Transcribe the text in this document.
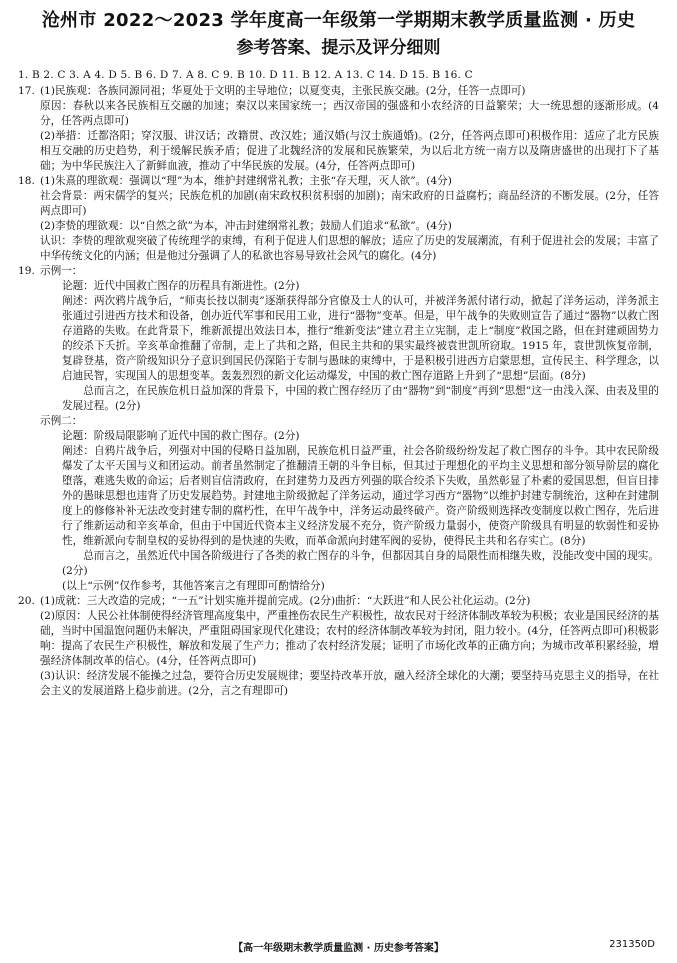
沧州市 2022～2023 学年度高一年级第一学期期末教学质量监测 · 历史
参考答案、提示及评分细则
1. B 2. C 3. A 4. D 5. B 6. D 7. A 8. C 9. B 10. D 11. B 12. A 13. C 14. D 15. B 16. C
17. (1)民族观：各族同源同祖；华夏处于文明的主导地位；以夏变夷，主张民族交融。(2分，任答一点即可)

原因：春秋以来各民族相互交融的加速；秦汉以来国家统一；西汉帝国的强盛和小农经济的日益繁荣；大一统思想的逐渐形成。(4分，任答两点即可)

(2)举措：迁都洛阳；穿汉服、讲汉话；改籍贯、改汉姓；通汉婚(与汉士族通婚)。(2分，任答两点即可)积极作用：适应了北方民族相互交融的历史趋势，利于缓解民族矛盾；促进了北魏经济的发展和民族繁荣，为以后北方统一南方以及隋唐盛世的出现打下了基础；为中华民族注入了新鲜血液，推动了中华民族的发展。(4分，任答两点即可)

18. (1)朱熹的理欲观：强调以“理”为本，维护封建纲常礼教；主张“存天理，灭人欲”。(4分)

社会背景：两宋儒学的复兴；民族危机的加剧(南宋政权积贫积弱的加剧)；南宋政府的日益腐朽；商品经济的不断发展。(2分，任答两点即可)

(2)李贽的理欲观：以“自然之欲”为本，冲击封建纲常礼教；鼓励人们追求“私欲”。(4分)

认识：李贽的理欲观突破了传统理学的束缚，有利于促进人们思想的解放；适应了历史的发展潮流，有利于促进社会的发展；丰富了中华传统文化的内涵；但是他过分强调了人的私欲也容易导致社会风气的腐化。(4分)

19. 示例一：

论题：近代中国救亡图存的历程具有渐进性。(2分)

阐述：两次鸦片战争后，“师夷长技以制夷”逐渐获得部分官僚及士人的认可，并被洋务派付诸行动，掀起了洋务运动，洋务派主张通过引进西方技术和设备，创办近代军事和民用工业，进行“器物”变革。但是，甲午战争的失败则宣告了通过“器物”以救亡图存道路的失败。在此背景下，维新派提出效法日本，推行“维新变法”建立君主立宪制，走上“制度”救国之路，但在封建顽固势力的绞杀下夭折。辛亥革命推翻了帝制，走上了共和之路，但民主共和的果实最终被袁世凯所窃取。1915 年，袁世凯恢复帝制，复辟登基，资产阶级知识分子意识到国民仍深陷于专制与愚昧的束缚中，于是积极引进西方启蒙思想，宣传民主、科学理念，以启迪民智，实现国人的思想变革。轰轰烈烈的新文化运动爆发，中国的救亡图存道路上升到了“思想”层面。(8分)

总而言之，在民族危机日益加深的背景下，中国的救亡图存经历了由“器物”到“制度”再到“思想”这一由浅入深、由表及里的发展过程。(2分)

示例二：

论题：阶级局限影响了近代中国的救亡图存。(2分)

阐述：自鸦片战争后，列强对中国的侵略日益加剧，民族危机日益严重，社会各阶级纷纷发起了救亡图存的斗争。其中农民阶级爆发了太平天国与义和团运动。前者虽然制定了推翻清王朝的斗争目标，但其过于理想化的平均主义思想和部分领导阶层的腐化堕落，难逃失败的命运；后者则盲信清政府，在封建势力及西方列强的联合绞杀下失败，虽然彰显了朴素的爱国思想，但盲目排外的愚昧思想也违背了历史发展趋势。封建地主阶级掀起了洋务运动，通过学习西方“器物”以维护封建专制统治，这种在封建制度上的修修补补无法改变封建专制的腐朽性，在甲午战争中，洋务运动最终破产。资产阶级则选择改变制度以救亡图存，先后进行了维新运动和辛亥革命，但由于中国近代资本主义经济发展不充分，资产阶级力量弱小，使资产阶级具有明显的软弱性和妥协性，维新派向专制皇权的妥协得到的是快速的失败，而革命派向封建军阀的妥协，使得民主共和名存实亡。(8分)

总而言之，虽然近代中国各阶级进行了各类的救亡图存的斗争，但都因其自身的局限性而相继失败，没能改变中国的现实。(2分)

(以上“示例”仅作参考，其他答案言之有理即可酌情给分)

20. (1)成就：三大改造的完成；“一五”计划实施并提前完成。(2分)曲折：“大跃进”和人民公社化运动。(2分)

(2)原因：人民公社体制使得经济管理高度集中，严重挫伤农民生产积极性，故农民对于经济体制改革较为积极；农业是国民经济的基础，当时中国温饱问题仍未解决，严重阻碍国家现代化建设；农村的经济体制改革较为封闭，阻力较小。(4分，任答两点即可)积极影响：提高了农民生产积极性，解放和发展了生产力；推动了农村经济发展；证明了市场化改革的正确方向；为城市改革积累经验，增强经济体制改革的信心。(4分，任答两点即可)

(3)认识：经济发展不能操之过急，要符合历史发展规律；要坚持改革开放，融入经济全球化的大潮；要坚持马克思主义的指导，在社会主义的发展道路上稳步前进。(2分，言之有理即可)

【高一年级期末教学质量监测 · 历史参考答案】	231350D
